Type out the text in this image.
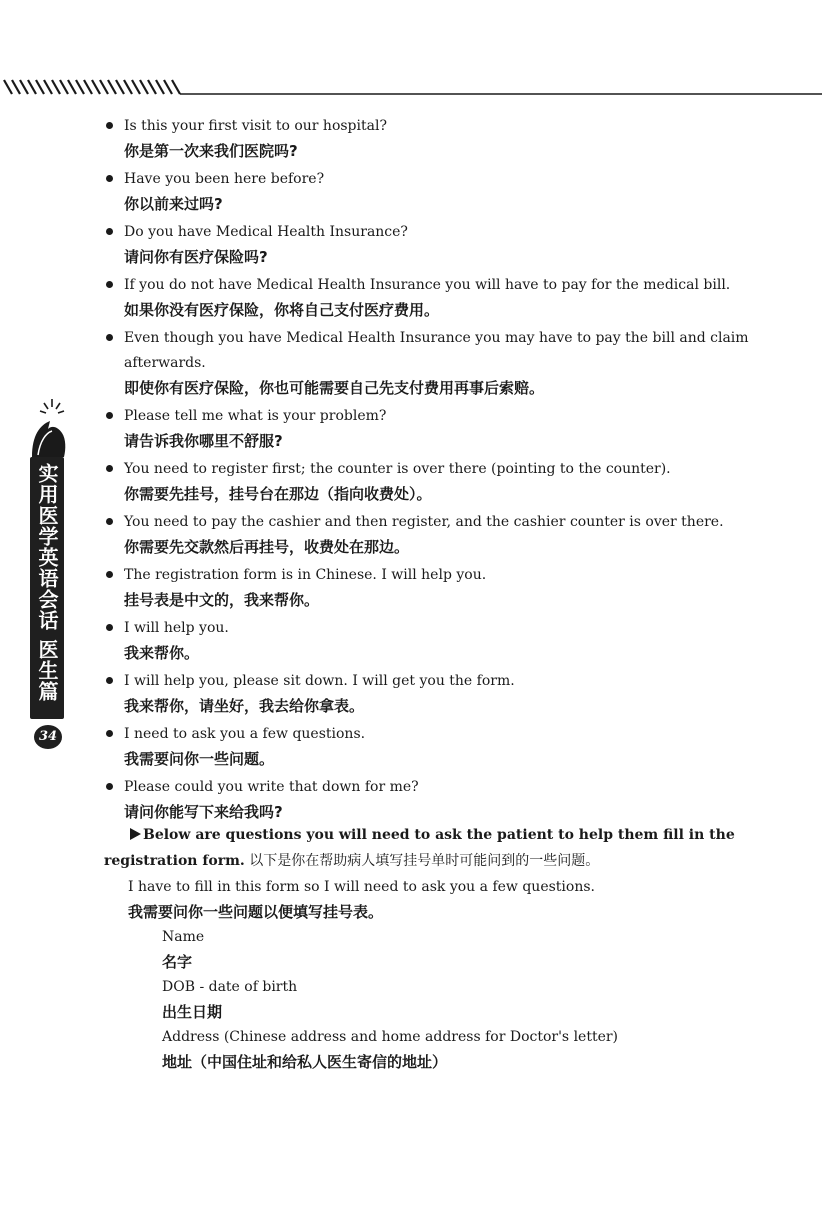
实用医学英语会话
医生篇
34
Is this your first visit to our hospital?
你是第一次来我们医院吗?
Have you been here before?
你以前来过吗?
Do you have Medical Health Insurance?
请问你有医疗保险吗?
If you do not have Medical Health Insurance you will have to pay for the medical bill.
如果你没有医疗保险，你将自己支付医疗费用。
Even though you have Medical Health Insurance you may have to pay the bill and claim afterwards.
即使你有医疗保险，你也可能需要自己先支付费用再事后索赔。
Please tell me what is your problem?
请告诉我你哪里不舒服?
You need to register first; the counter is over there (pointing to the counter).
你需要先挂号，挂号台在那边（指向收费处）。
You need to pay the cashier and then register, and the cashier counter is over there.
你需要先交款然后再挂号，收费处在那边。
The registration form is in Chinese. I will help you.
挂号表是中文的，我来帮你。
I will help you.
我来帮你。
I will help you, please sit down. I will get you the form.
我来帮你，请坐好，我去给你拿表。
I need to ask you a few questions.
我需要问你一些问题。
Please could you write that down for me?
请问你能写下来给我吗?

Below are questions you will need to ask the patient to help them fill in the registration form. 以下是你在帮助病人填写挂号单时可能问到的一些问题。

I have to fill in this form so I will need to ask you a few questions.
我需要问你一些问题以便填写挂号表。
Name
名字
DOB - date of birth
出生日期
Address (Chinese address and home address for Doctor's letter)
地址（中国住址和给私人医生寄信的地址）
